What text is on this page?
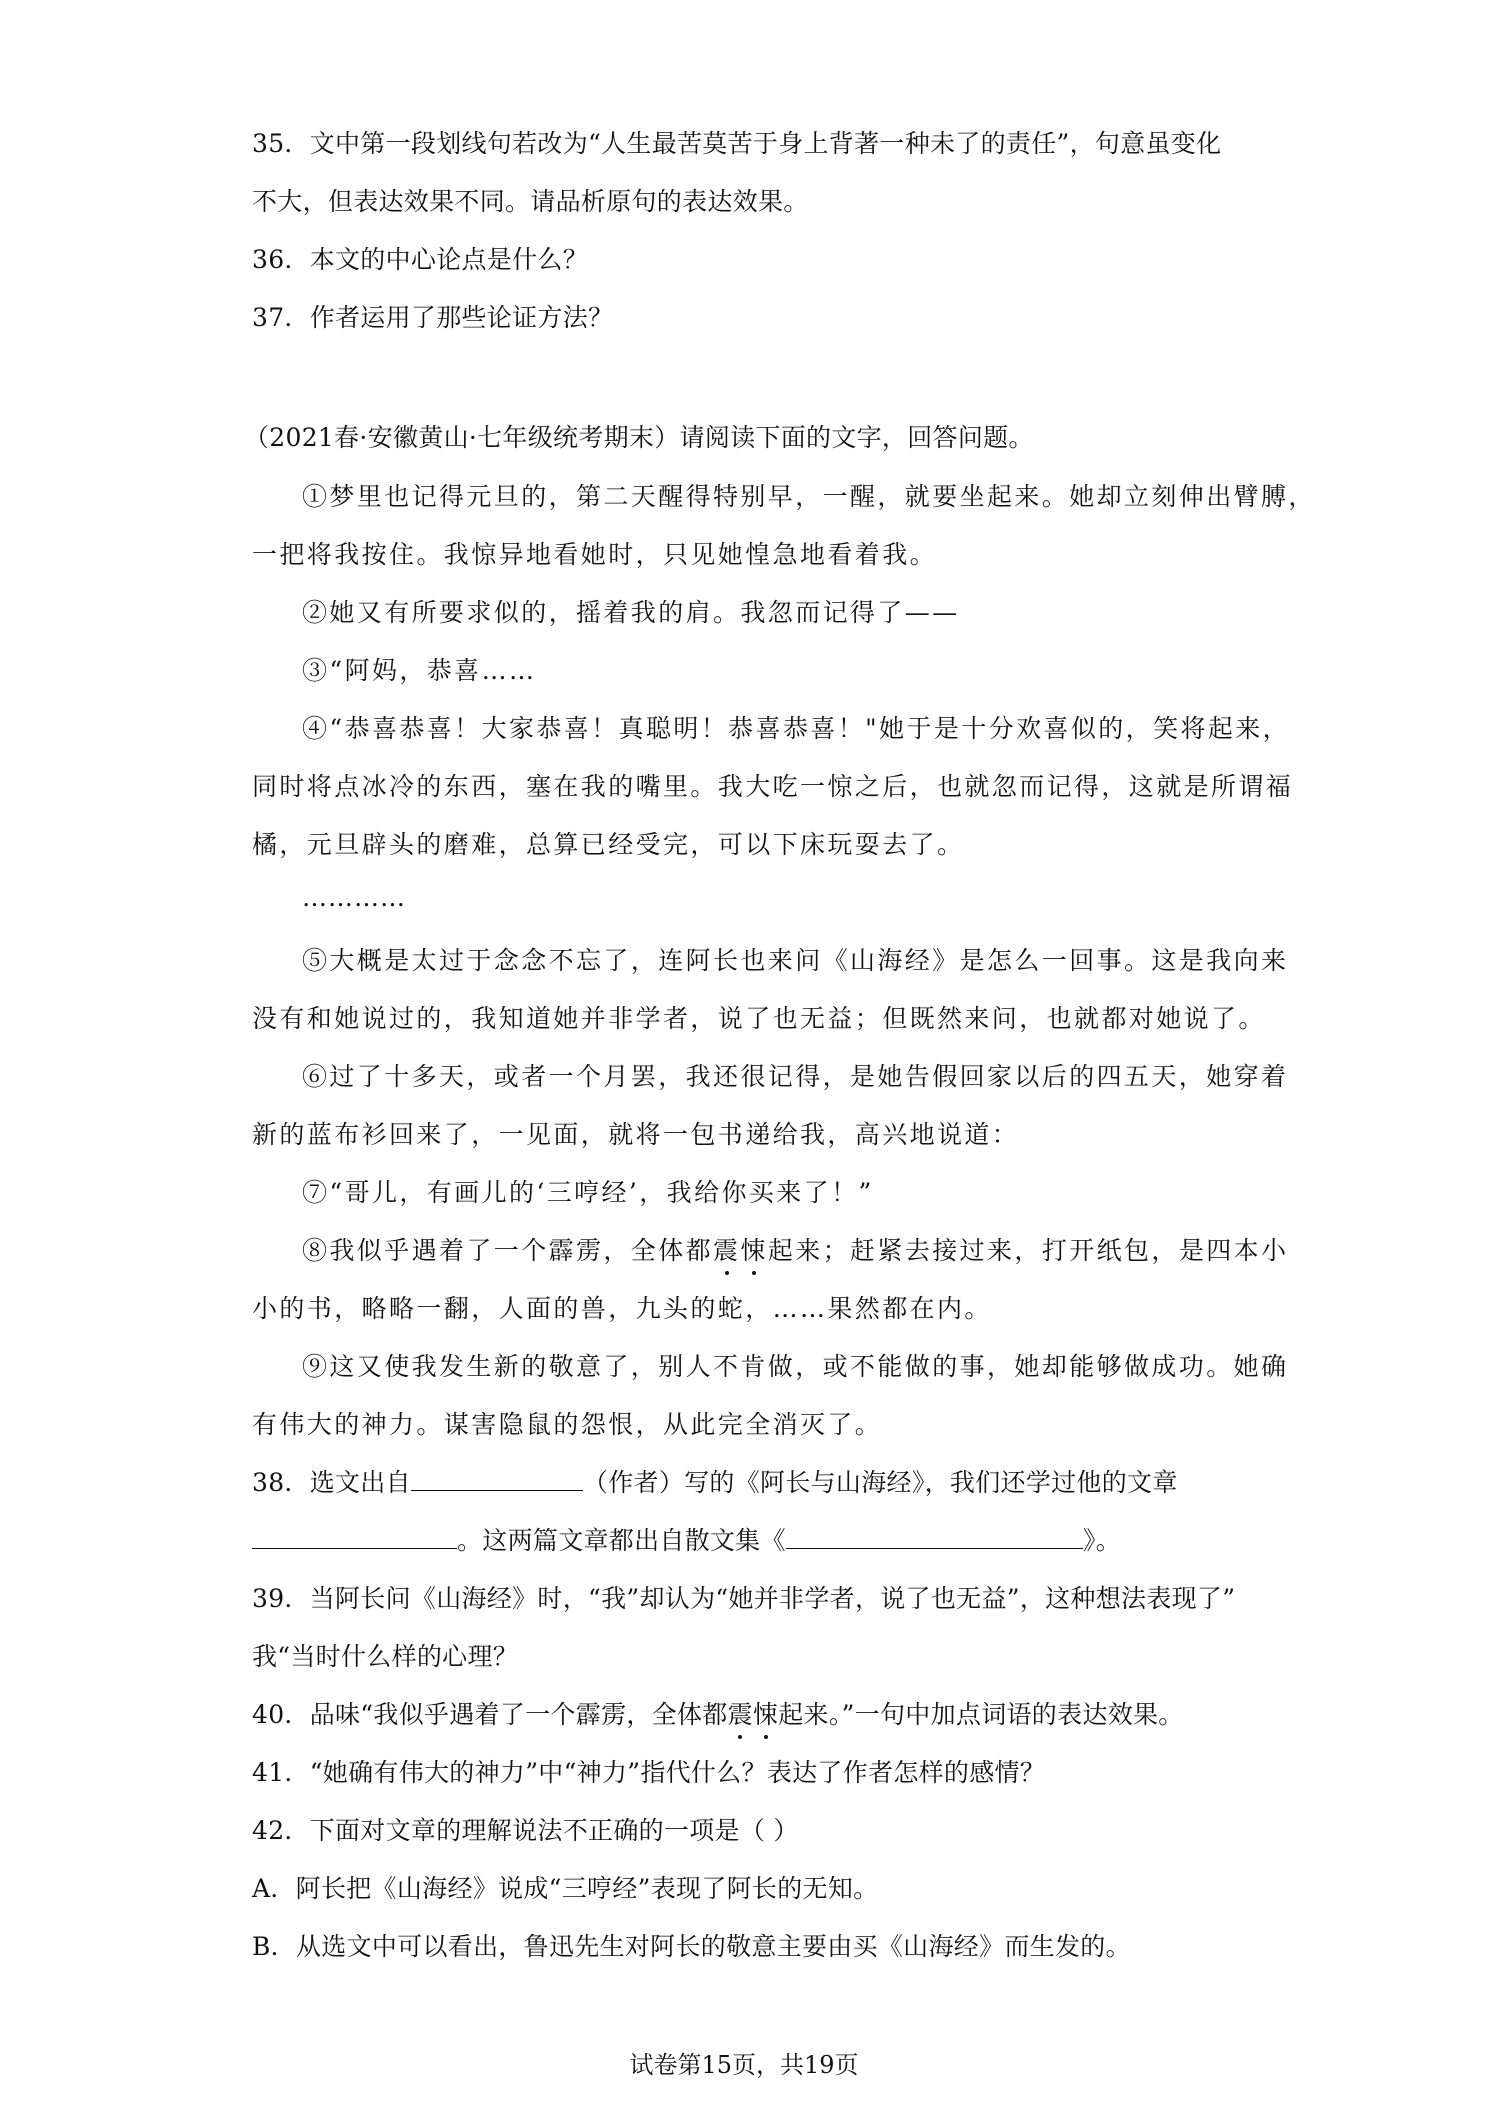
35．文中第一段划线句若改为“人生最苦莫苦于身上背著一种未了的责任”，句意虽变化
不大，但表达效果不同。请品析原句的表达效果。
36．本文的中心论点是什么？
37．作者运用了那些论证方法？
（2021春·安徽黄山·七年级统考期末）请阅读下面的文字，回答问题。
①梦里也记得元旦的，第二天醒得特别早，一醒，就要坐起来。她却立刻伸出臂膊，
一把将我按住。我惊异地看她时，只见她惶急地看着我。
②她又有所要求似的，摇着我的肩。我忽而记得了——
③“阿妈，恭喜……
④“恭喜恭喜！大家恭喜！真聪明！恭喜恭喜！"她于是十分欢喜似的，笑将起来，
同时将点冰冷的东西，塞在我的嘴里。我大吃一惊之后，也就忽而记得，这就是所谓福
橘，元旦辟头的磨难，总算已经受完，可以下床玩耍去了。
…………
⑤大概是太过于念念不忘了，连阿长也来问《山海经》是怎么一回事。这是我向来
没有和她说过的，我知道她并非学者，说了也无益；但既然来问，也就都对她说了。
⑥过了十多天，或者一个月罢，我还很记得，是她告假回家以后的四五天，她穿着
新的蓝布衫回来了，一见面，就将一包书递给我，高兴地说道：
⑦“哥儿，有画儿的‘三哼经’，我给你买来了！”
⑧我似乎遇着了一个霹雳，全体都震悚起来；赶紧去接过来，打开纸包，是四本小
小的书，略略一翻，人面的兽，九头的蛇，……果然都在内。
⑨这又使我发生新的敬意了，别人不肯做，或不能做的事，她却能够做成功。她确
有伟大的神力。谋害隐鼠的怨恨，从此完全消灭了。
38．选文出自	（作者）写的《阿长与山海经》，我们还学过他的文章
。这两篇文章都出自散文集《	》。
39．当阿长问《山海经》时，“我”却认为“她并非学者，说了也无益”，这种想法表现了”
我“当时什么样的心理？
40．品味“我似乎遇着了一个霹雳，全体都震悚起来。”一句中加点词语的表达效果。
41．“她确有伟大的神力”中“神力”指代什么？表达了作者怎样的感情？
42．下面对文章的理解说法不正确的一项是（ ）
A．阿长把《山海经》说成“三哼经”表现了阿长的无知。
B．从选文中可以看出，鲁迅先生对阿长的敬意主要由买《山海经》而生发的。
试卷第15页，共19页
